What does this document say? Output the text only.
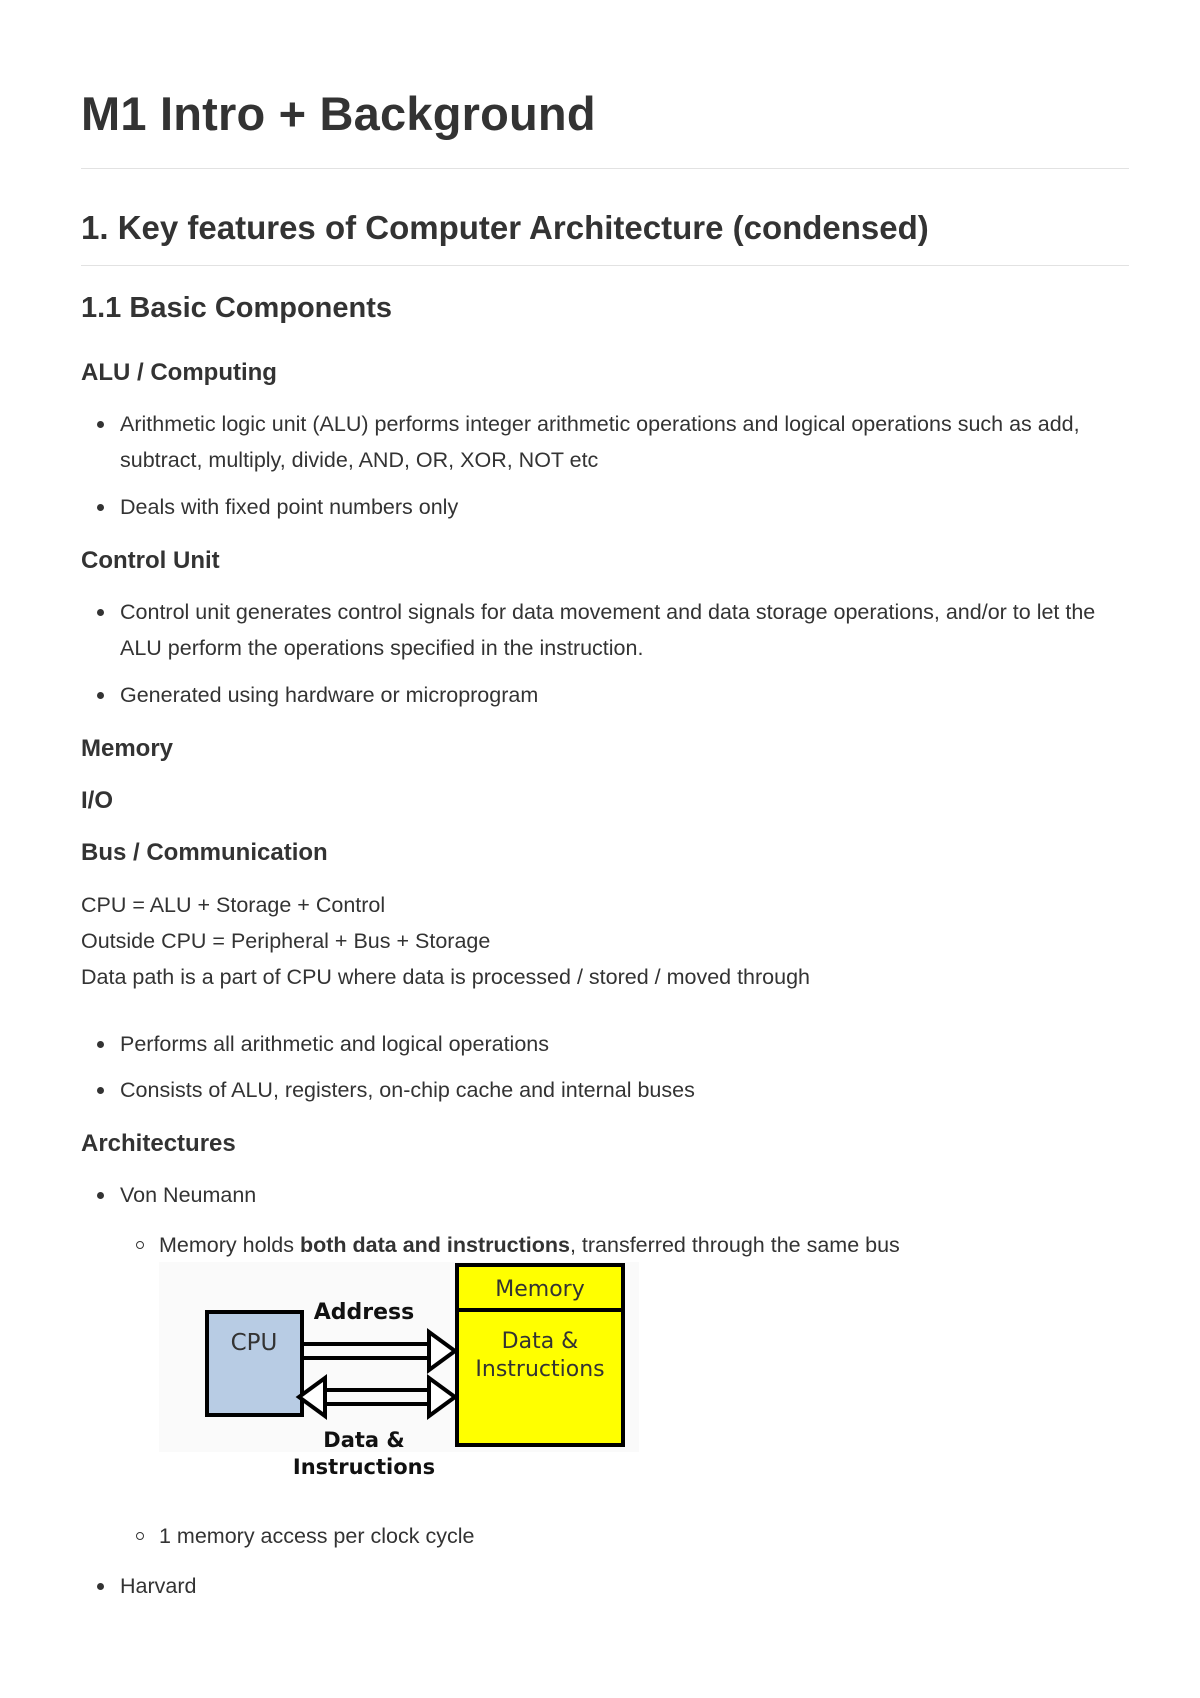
M1 Intro + Background
1. Key features of Computer Architecture (condensed)
1.1 Basic Components
ALU / Computing
Arithmetic logic unit (ALU) performs integer arithmetic operations and logical operations such as add, subtract, multiply, divide, AND, OR, XOR, NOT etc
Deals with fixed point numbers only
Control Unit
Control unit generates control signals for data movement and data storage operations, and/or to let the ALU perform the operations specified in the instruction.
Generated using hardware or microprogram
Memory
I/O
Bus / Communication

CPU = ALU + Storage + Control

Outside CPU = Peripheral + Bus + Storage

Data path is a part of CPU where data is processed / stored / moved through

Performs all arithmetic and logical operations
Consists of ALU, registers, on-chip cache and internal buses
Architectures
Von Neumann
Memory holds both data and instructions, transferred through the same bus
CPU
Address
Data &
Instructions
Memory
Data &
Instructions
1 memory access per clock cycle
Harvard
